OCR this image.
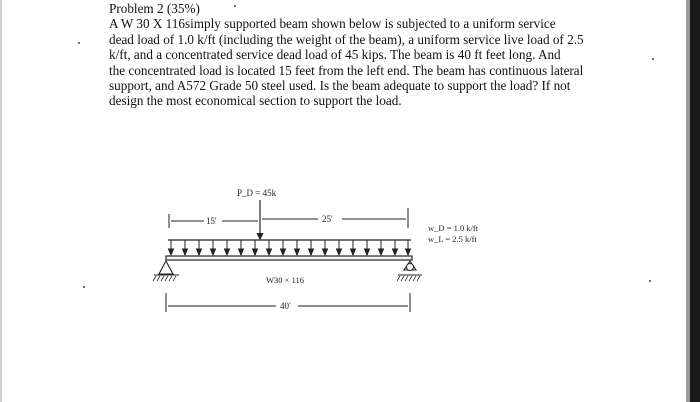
Problem 2 (35%)

A W 30 X 116simply supported beam shown below is subjected to a uniform service

dead load of 1.0 k/ft (including the weight of the beam), a uniform service live load of 2.5

k/ft, and a concentrated service dead load of 45 kips. The beam is 40 ft feet long. And

the concentrated load is located 15 feet from the left end. The beam has continuous lateral

support, and A572 Grade 50 steel used. Is the beam adequate to support the load? If not

design the most economical section to support the load.

P_D = 45k
15'	25'
w_D = 1.0 k/ft
w_L = 2.5 k/ft
W30 × 116
40'
